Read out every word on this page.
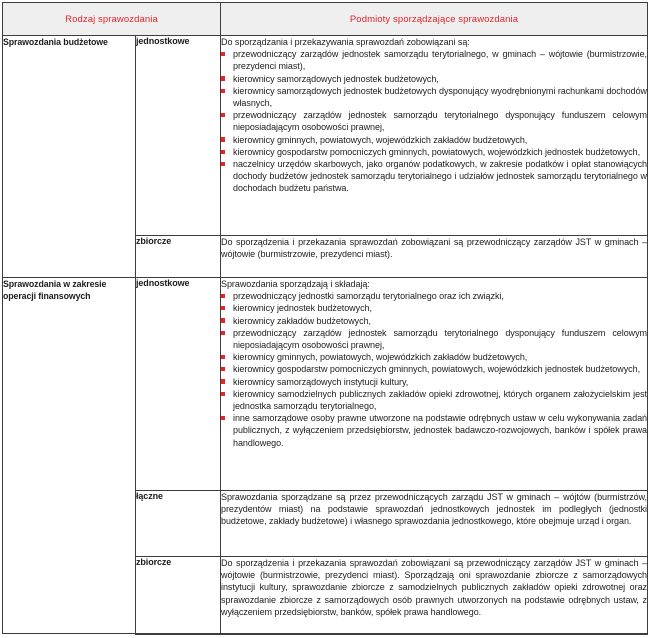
Rodzaj sprawozdania		Podmioty sporządzające sprawozdania
Sprawozdania budżetowe	jednostkowe	Do sporządzania i przekazywania sprawozdań zobowiązani są:

przewodniczący zarządów jednostek samorządu terytorialnego, w gminach – wójtowie (burmistrzowie, prezydenci miast),
kierownicy samorządowych jednostek budżetowych,
kierownicy samorządowych jednostek budżetowych dysponujący wyodrębnionymi rachunkami dochodów własnych,
przewodniczący zarządów jednostek samorządu terytorialnego dysponujący funduszem celowym nieposiadającym osobowości prawnej,
kierownicy gminnych, powiatowych, wojewódzkich zakładów budżetowych,
kierownicy gospodarstw pomocniczych gminnych, powiatowych, wojewódzkich jednostek budżetowych,
naczelnicy urzędów skarbowych, jako organów podatkowych, w zakresie podatków i opłat stanowiących dochody budżetów jednostek samorządu terytorialnego i udziałów jednostek samorządu terytorialnego w dochodach budżetu państwa.

	zbiorcze	Do sporządzenia i przekazania sprawozdań zobowiązani są przewodniczący zarządów JST w gminach – wójtowie (burmistrzowie, prezydenci miast).

Sprawozdania w zakresie operacji finansowych	jednostkowe	Sprawozdania sporządzają i składają:

przewodniczący jednostki samorządu terytorialnego oraz ich związki,
kierownicy jednostek budżetowych,
kierownicy zakładów budżetowych,
przewodniczący zarządów jednostek samorządu terytorialnego dysponujący funduszem celowym nieposiadającym osobowości prawnej,
kierownicy gminnych, powiatowych, wojewódzkich zakładów budżetowych,
kierownicy gospodarstw pomocniczych gminnych, powiatowych, wojewódzkich jednostek budżetowych,
kierownicy samorządowych instytucji kultury,
kierownicy samodzielnych publicznych zakładów opieki zdrowotnej, których organem założycielskim jest jednostka samorządu terytorialnego,
inne samorządowe osoby prawne utworzone na podstawie odrębnych ustaw w celu wykonywania zadań publicznych, z wyłączeniem przedsiębiorstw, jednostek badawczo-rozwojowych, banków i spółek prawa handlowego.

	łączne	Sprawozdania sporządzane są przez przewodniczących zarządu JST w gminach – wójtów (burmistrzów, prezydentów miast) na podstawie sprawozdań jednostkowych jednostek im podległych (jednostki budżetowe, zakłady budżetowe) i własnego sprawozdania jednostkowego, które obejmuje urząd i organ.

	zbiorcze	Do sporządzenia i przekazania sprawozdań zobowiązani są przewodniczący zarządów JST w gminach – wójtowie (burmistrzowie, prezydenci miast). Sporządzają oni sprawozdanie zbiorcze z samorządowych instytucji kultury, sprawozdanie zbiorcze z samodzielnych publicznych zakładów opieki zdrowotnej oraz sprawozdanie zbiorcze z samorządowych osób prawnych utworzonych na podstawie odrębnych ustaw, z wyłączeniem przedsiębiorstw, banków, spółek prawa handlowego.
